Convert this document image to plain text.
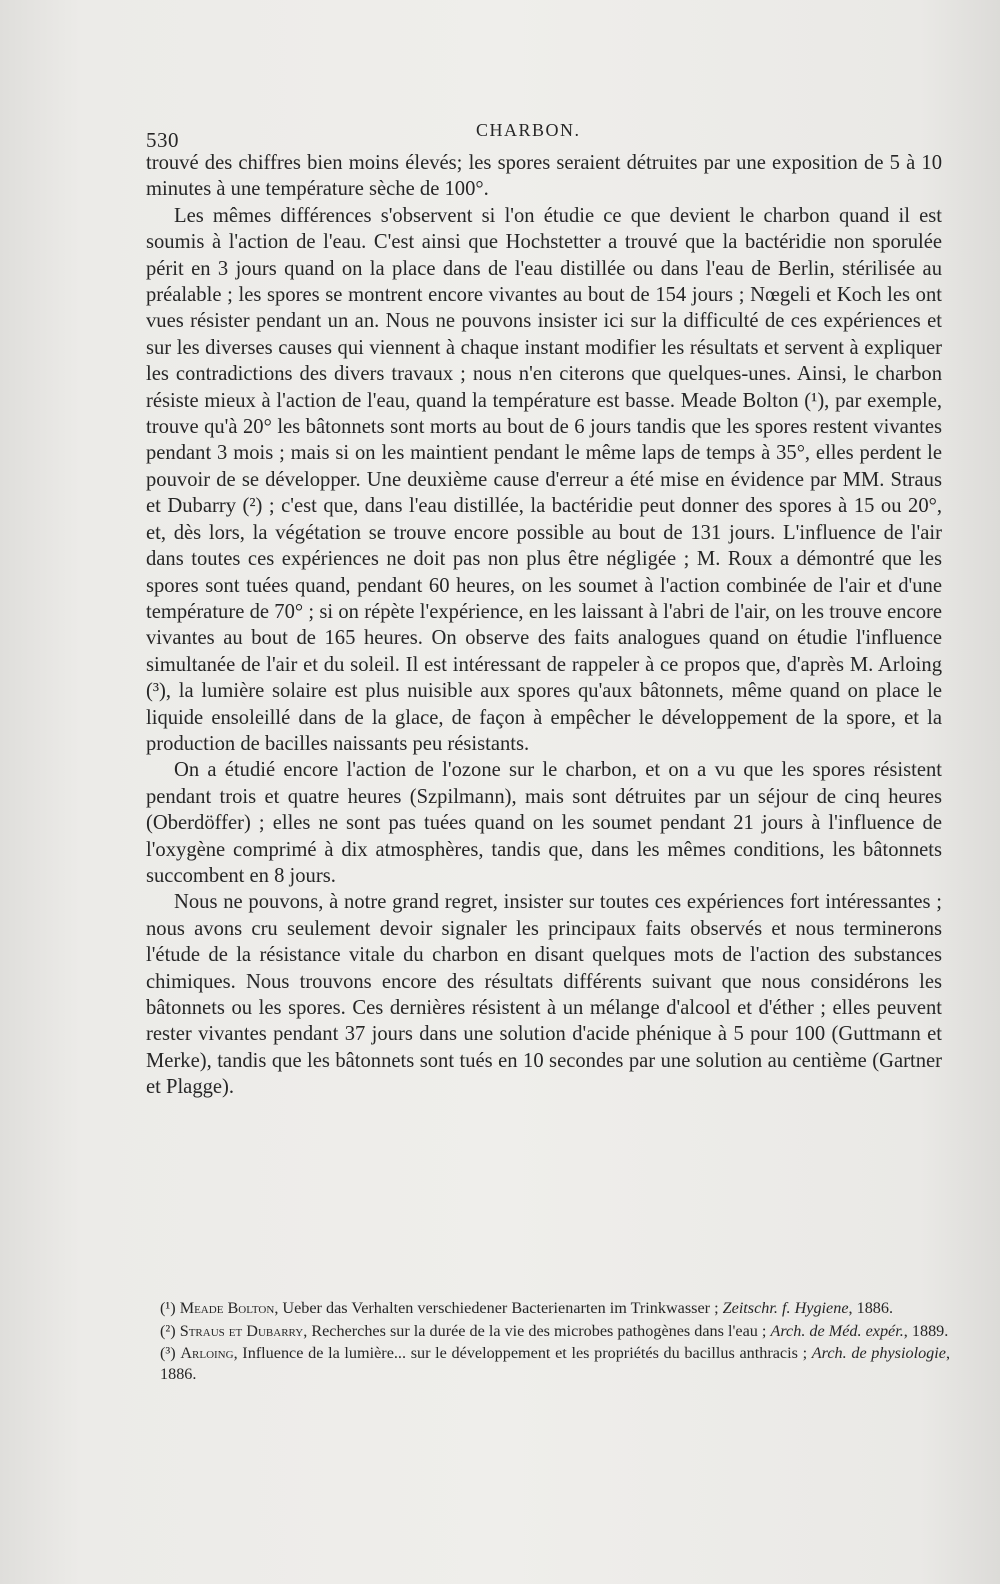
530	CHARBON.

trouvé des chiffres bien moins élevés; les spores seraient détruites par une exposition de 5 à 10 minutes à une température sèche de 100°.

Les mêmes différences s'observent si l'on étudie ce que devient le charbon quand il est soumis à l'action de l'eau. C'est ainsi que Hochstetter a trouvé que la bactéridie non sporulée périt en 3 jours quand on la place dans de l'eau distillée ou dans l'eau de Berlin, stérilisée au préalable ; les spores se montrent encore vivantes au bout de 154 jours ; Nœgeli et Koch les ont vues résister pendant un an. Nous ne pouvons insister ici sur la difficulté de ces expériences et sur les diverses causes qui viennent à chaque instant modifier les résultats et servent à expliquer les contradictions des divers travaux ; nous n'en citerons que quelques-unes. Ainsi, le charbon résiste mieux à l'action de l'eau, quand la température est basse. Meade Bolton (¹), par exemple, trouve qu'à 20° les bâtonnets sont morts au bout de 6 jours tandis que les spores restent vivantes pendant 3 mois ; mais si on les maintient pendant le même laps de temps à 35°, elles perdent le pouvoir de se développer. Une deuxième cause d'erreur a été mise en évidence par MM. Straus et Dubarry (²) ; c'est que, dans l'eau distillée, la bactéridie peut donner des spores à 15 ou 20°, et, dès lors, la végétation se trouve encore possible au bout de 131 jours. L'influence de l'air dans toutes ces expériences ne doit pas non plus être négligée ; M. Roux a démontré que les spores sont tuées quand, pendant 60 heures, on les soumet à l'action combinée de l'air et d'une température de 70° ; si on répète l'expérience, en les laissant à l'abri de l'air, on les trouve encore vivantes au bout de 165 heures. On observe des faits analogues quand on étudie l'influence simultanée de l'air et du soleil. Il est intéressant de rappeler à ce propos que, d'après M. Arloing (³), la lumière solaire est plus nuisible aux spores qu'aux bâtonnets, même quand on place le liquide ensoleillé dans de la glace, de façon à empêcher le développement de la spore, et la production de bacilles naissants peu résistants.

On a étudié encore l'action de l'ozone sur le charbon, et on a vu que les spores résistent pendant trois et quatre heures (Szpilmann), mais sont détruites par un séjour de cinq heures (Oberdöffer) ; elles ne sont pas tuées quand on les soumet pendant 21 jours à l'influence de l'oxygène comprimé à dix atmosphères, tandis que, dans les mêmes conditions, les bâtonnets succombent en 8 jours.

Nous ne pouvons, à notre grand regret, insister sur toutes ces expériences fort intéressantes ; nous avons cru seulement devoir signaler les principaux faits observés et nous terminerons l'étude de la résistance vitale du charbon en disant quelques mots de l'action des substances chimiques. Nous trouvons encore des résultats différents suivant que nous considérons les bâtonnets ou les spores. Ces dernières résistent à un mélange d'alcool et d'éther ; elles peuvent rester vivantes pendant 37 jours dans une solution d'acide phénique à 5 pour 100 (Guttmann et Merke), tandis que les bâtonnets sont tués en 10 secondes par une solution au centième (Gartner et Plagge).

(¹) Meade Bolton, Ueber das Verhalten verschiedener Bacterienarten im Trinkwasser ; Zeitschr. f. Hygiene, 1886.

(²) Straus et Dubarry, Recherches sur la durée de la vie des microbes pathogènes dans l'eau ; Arch. de Méd. expér., 1889.

(³) Arloing, Influence de la lumière... sur le développement et les propriétés du bacillus anthracis ; Arch. de physiologie, 1886.
